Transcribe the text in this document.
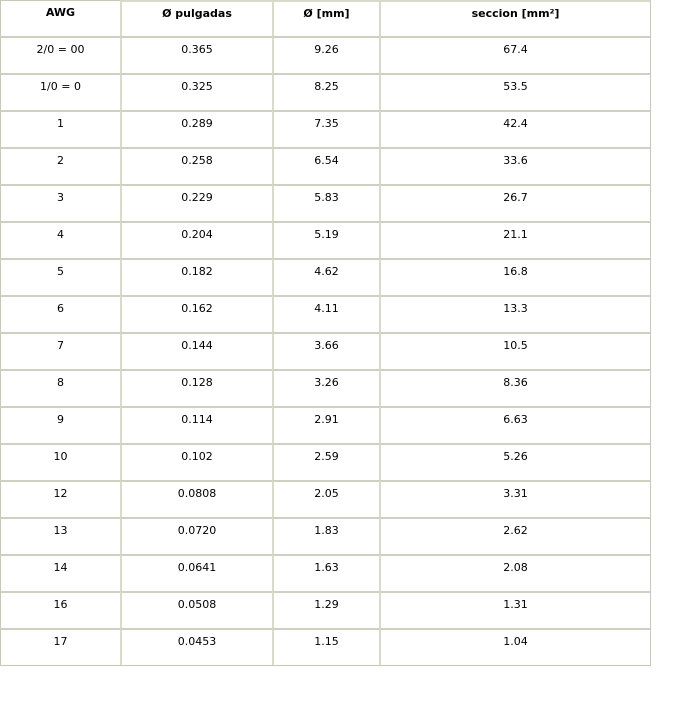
AWG	Ø pulgadas	Ø [mm]	seccion [mm²]
2/0 = 00	0.365	9.26	67.4
1/0 = 0	0.325	8.25	53.5
1	0.289	7.35	42.4
2	0.258	6.54	33.6
3	0.229	5.83	26.7
4	0.204	5.19	21.1
5	0.182	4.62	16.8
6	0.162	4.11	13.3
7	0.144	3.66	10.5
8	0.128	3.26	8.36
9	0.114	2.91	6.63
10	0.102	2.59	5.26
12	0.0808	2.05	3.31
13	0.0720	1.83	2.62
14	0.0641	1.63	2.08
16	0.0508	1.29	1.31
17	0.0453	1.15	1.04
